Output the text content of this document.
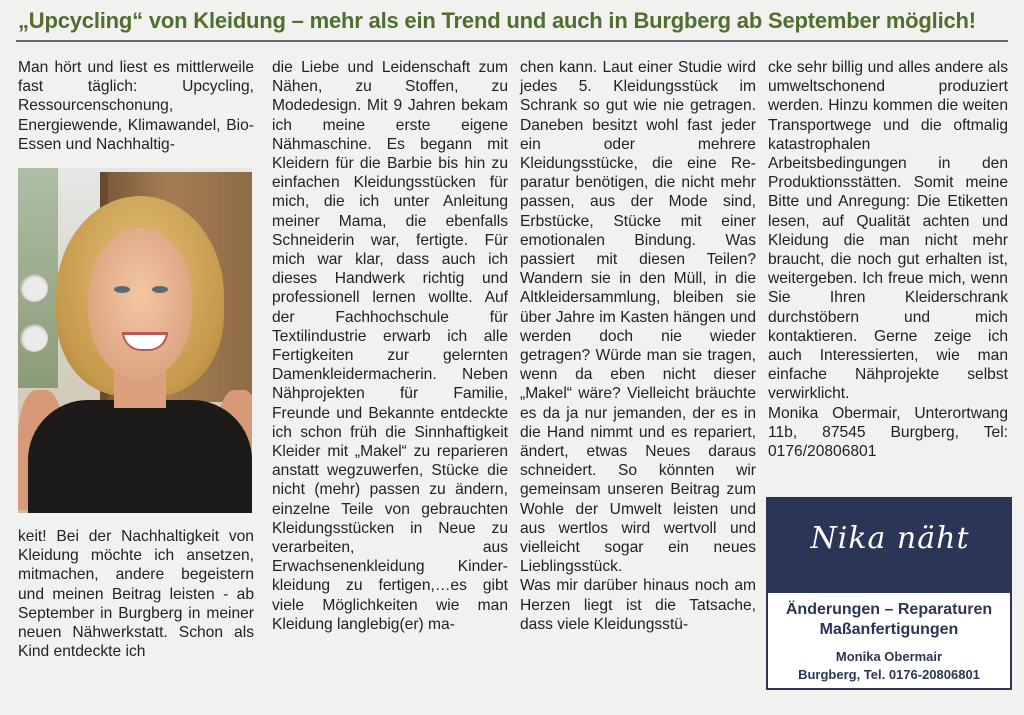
„Upcycling“ von Kleidung – mehr als ein Trend und auch in Burgberg ab September möglich!

Man hört und liest es mittlerweile fast täglich: Upcycling, Ressourcenschonung, Energiewende, Klimawandel, Bio-Essen und Nachhaltig-

keit! Bei der Nachhaltigkeit von Kleidung möchte ich ansetzen, mitmachen, andere begeistern und meinen Beitrag leisten - ab September in Burgberg in meiner neuen Nähwerkstatt. Schon als Kind entdeckte ich

die Liebe und Leidenschaft zum Nähen, zu Stoffen, zu Modedesign. Mit 9 Jahren bekam ich meine erste eigene Nähmaschine. Es begann mit Kleidern für die Barbie bis hin zu einfachen Kleidungsstücken für mich, die ich unter Anleitung meiner Mama, die ebenfalls Schneiderin war, fertigte. Für mich war klar, dass auch ich dieses Handwerk richtig und professionell lernen wollte. Auf der Fachhochschule für Textilindustrie erwarb ich alle Fertigkeiten zur gelernten Damenkleidermacherin. Neben Nähprojekten für Familie, Freunde und Bekannte entdeckte ich schon früh die Sinnhaftigkeit Kleider mit „Makel“ zu reparieren anstatt wegzuwerfen, Stücke die nicht (mehr) passen zu ändern, einzelne Teile von gebrauchten Kleidungsstücken in Neue zu verarbeiten, aus Erwachsenenkleidung Kinderkleidung zu fertigen,…es gibt viele Möglichkeiten wie man Kleidung langlebig(er) ma-

chen kann. Laut einer Studie wird jedes 5. Kleidungsstück im Schrank so gut wie nie getragen. Daneben besitzt wohl fast jeder ein oder mehrere Kleidungsstücke, die eine Reparatur benötigen, die nicht mehr passen, aus der Mode sind, Erbstücke, Stücke mit einer emotionalen Bindung. Was passiert mit diesen Teilen? Wandern sie in den Müll, in die Altkleidersammlung, bleiben sie über Jahre im Kasten hängen und werden doch nie wieder getragen? Würde man sie tragen, wenn da eben nicht dieser „Makel“ wäre? Vielleicht bräuchte es da ja nur jemanden, der es in die Hand nimmt und es repariert, ändert, etwas Neues daraus schneidert. So könnten wir gemeinsam unseren Beitrag zum Wohle der Umwelt leisten und aus wertlos wird wertvoll und vielleicht sogar ein neues Lieblingsstück.

Was mir darüber hinaus noch am Herzen liegt ist die Tatsache, dass viele Kleidungsstü-

cke sehr billig und alles andere als umweltschonend produziert werden. Hinzu kommen die weiten Transportwege und die oftmalig katastrophalen Arbeitsbedingungen in den Produktionsstätten. Somit meine Bitte und Anregung: Die Etiketten lesen, auf Qualität achten und Kleidung die man nicht mehr braucht, die noch gut erhalten ist, weitergeben. Ich freue mich, wenn Sie Ihren Kleiderschrank durchstöbern und mich kontaktieren. Gerne zeige ich auch Interessierten, wie man einfache Nähprojekte selbst verwirklicht.

Monika Obermair, Unterortwang 11b, 87545 Burgberg, Tel: 0176/20806801

Nika näht
Änderungen – Reparaturen
Maßanfertigungen
Monika Obermair
Burgberg, Tel. 0176-20806801
